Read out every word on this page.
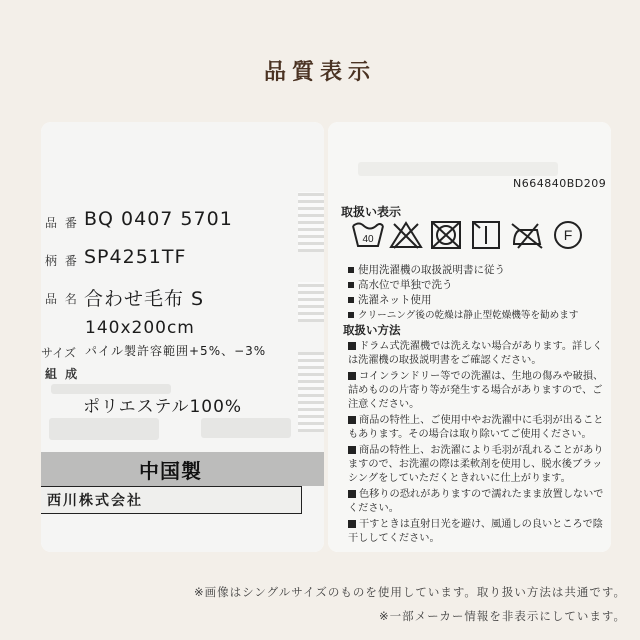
品質表示
品 番 BQ 0407 5701
柄 番 SP4251TF
品 名 合わせ毛布 S
140x200cm
サイズ パイル製許容範囲+5%、−3%
組 成
ポリエステル100%
中国製
西川株式会社
N664840BD209
取扱い表示
40	F
使用洗濯機の取扱説明書に従う
高水位で単独で洗う
洗濯ネット使用
クリーニング後の乾燥は静止型乾燥機等を勧めます
取扱い方法
ドラム式洗濯機では洗えない場合があります。詳しくは洗濯機の取扱説明書をご確認ください。
コインランドリー等での洗濯は、生地の傷みや破損、詰めものの片寄り等が発生する場合がありますので、ご注意ください。
商品の特性上、ご使用中やお洗濯中に毛羽が出ることもあります。その場合は取り除いてご使用ください。
商品の特性上、お洗濯により毛羽が乱れることがありますので、お洗濯の際は柔軟剤を使用し、脱水後ブラッシングをしていただくときれいに仕上がります。
色移りの恐れがありますので濡れたまま放置しないでください。
干すときは直射日光を避け、風通しの良いところで陰干ししてください。
※画像はシングルサイズのものを使用しています。取り扱い方法は共通です。
※一部メーカー情報を非表示にしています。
